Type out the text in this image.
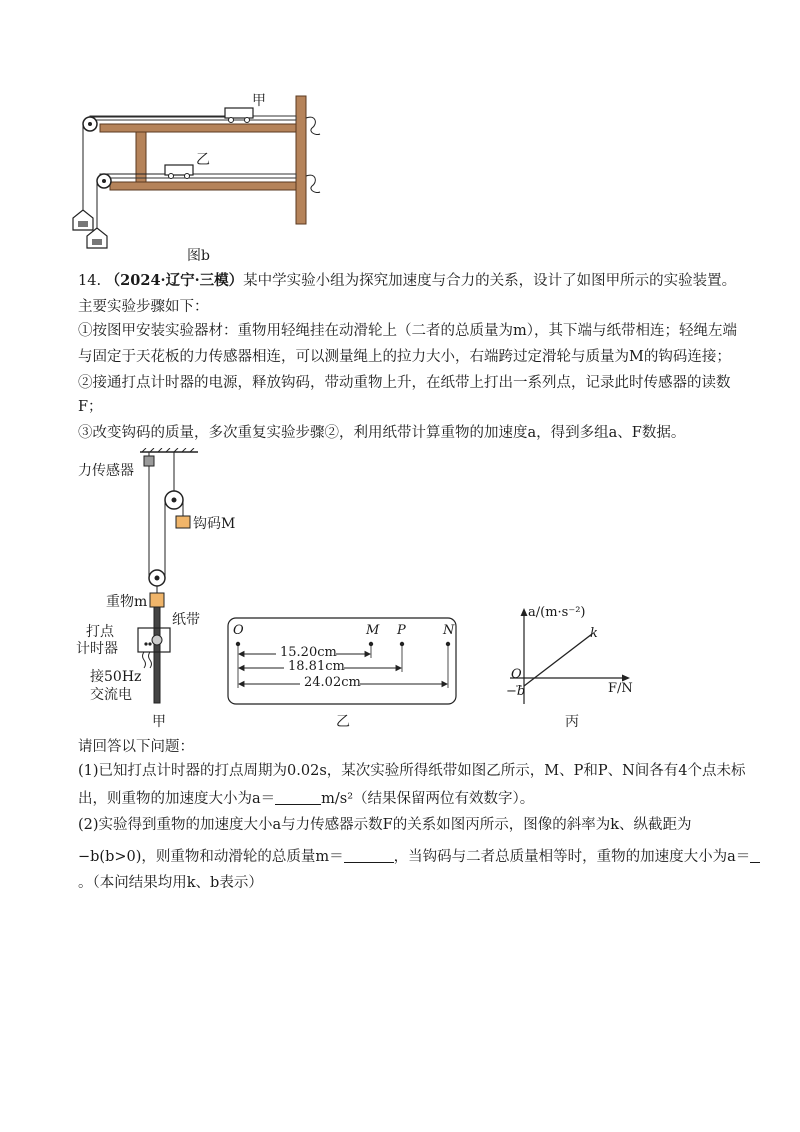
甲
乙
图b
14. （2024·辽宁·三模）某中学实验小组为探究加速度与合力的关系，设计了如图甲所示的实验装置。
主要实验步骤如下：
①按图甲安装实验器材：重物用轻绳挂在动滑轮上（二者的总质量为m），其下端与纸带相连；轻绳左端
与固定于天花板的力传感器相连，可以测量绳上的拉力大小，右端跨过定滑轮与质量为M的钩码连接；
②接通打点计时器的电源，释放钩码，带动重物上升，在纸带上打出一系列点，记录此时传感器的读数
F；
③改变钩码的质量，多次重复实验步骤②，利用纸带计算重物的加速度a，得到多组a、F数据。
力传感器
钩码M
重物m
纸带
打点
计时器
接50Hz
交流电
甲
O	M P	N
15.20cm
18.81cm
24.02cm
乙
a/(m·s⁻²)
k
O
F/N
−b
丙
请回答以下问题：
(1)已知打点计时器的打点周期为0.02s，某次实验所得纸带如图乙所示，M、P和P、N间各有4个点未标
出，则重物的加速度大小为a＝	m/s²（结果保留两位有效数字）。
(2)实验得到重物的加速度大小a与力传感器示数F的关系如图丙所示，图像的斜率为k、纵截距为
−b(b>0)，则重物和动滑轮的总质量m＝	，当钩码与二者总质量相等时，重物的加速度大小为a＝
。（本问结果均用k、b表示）
